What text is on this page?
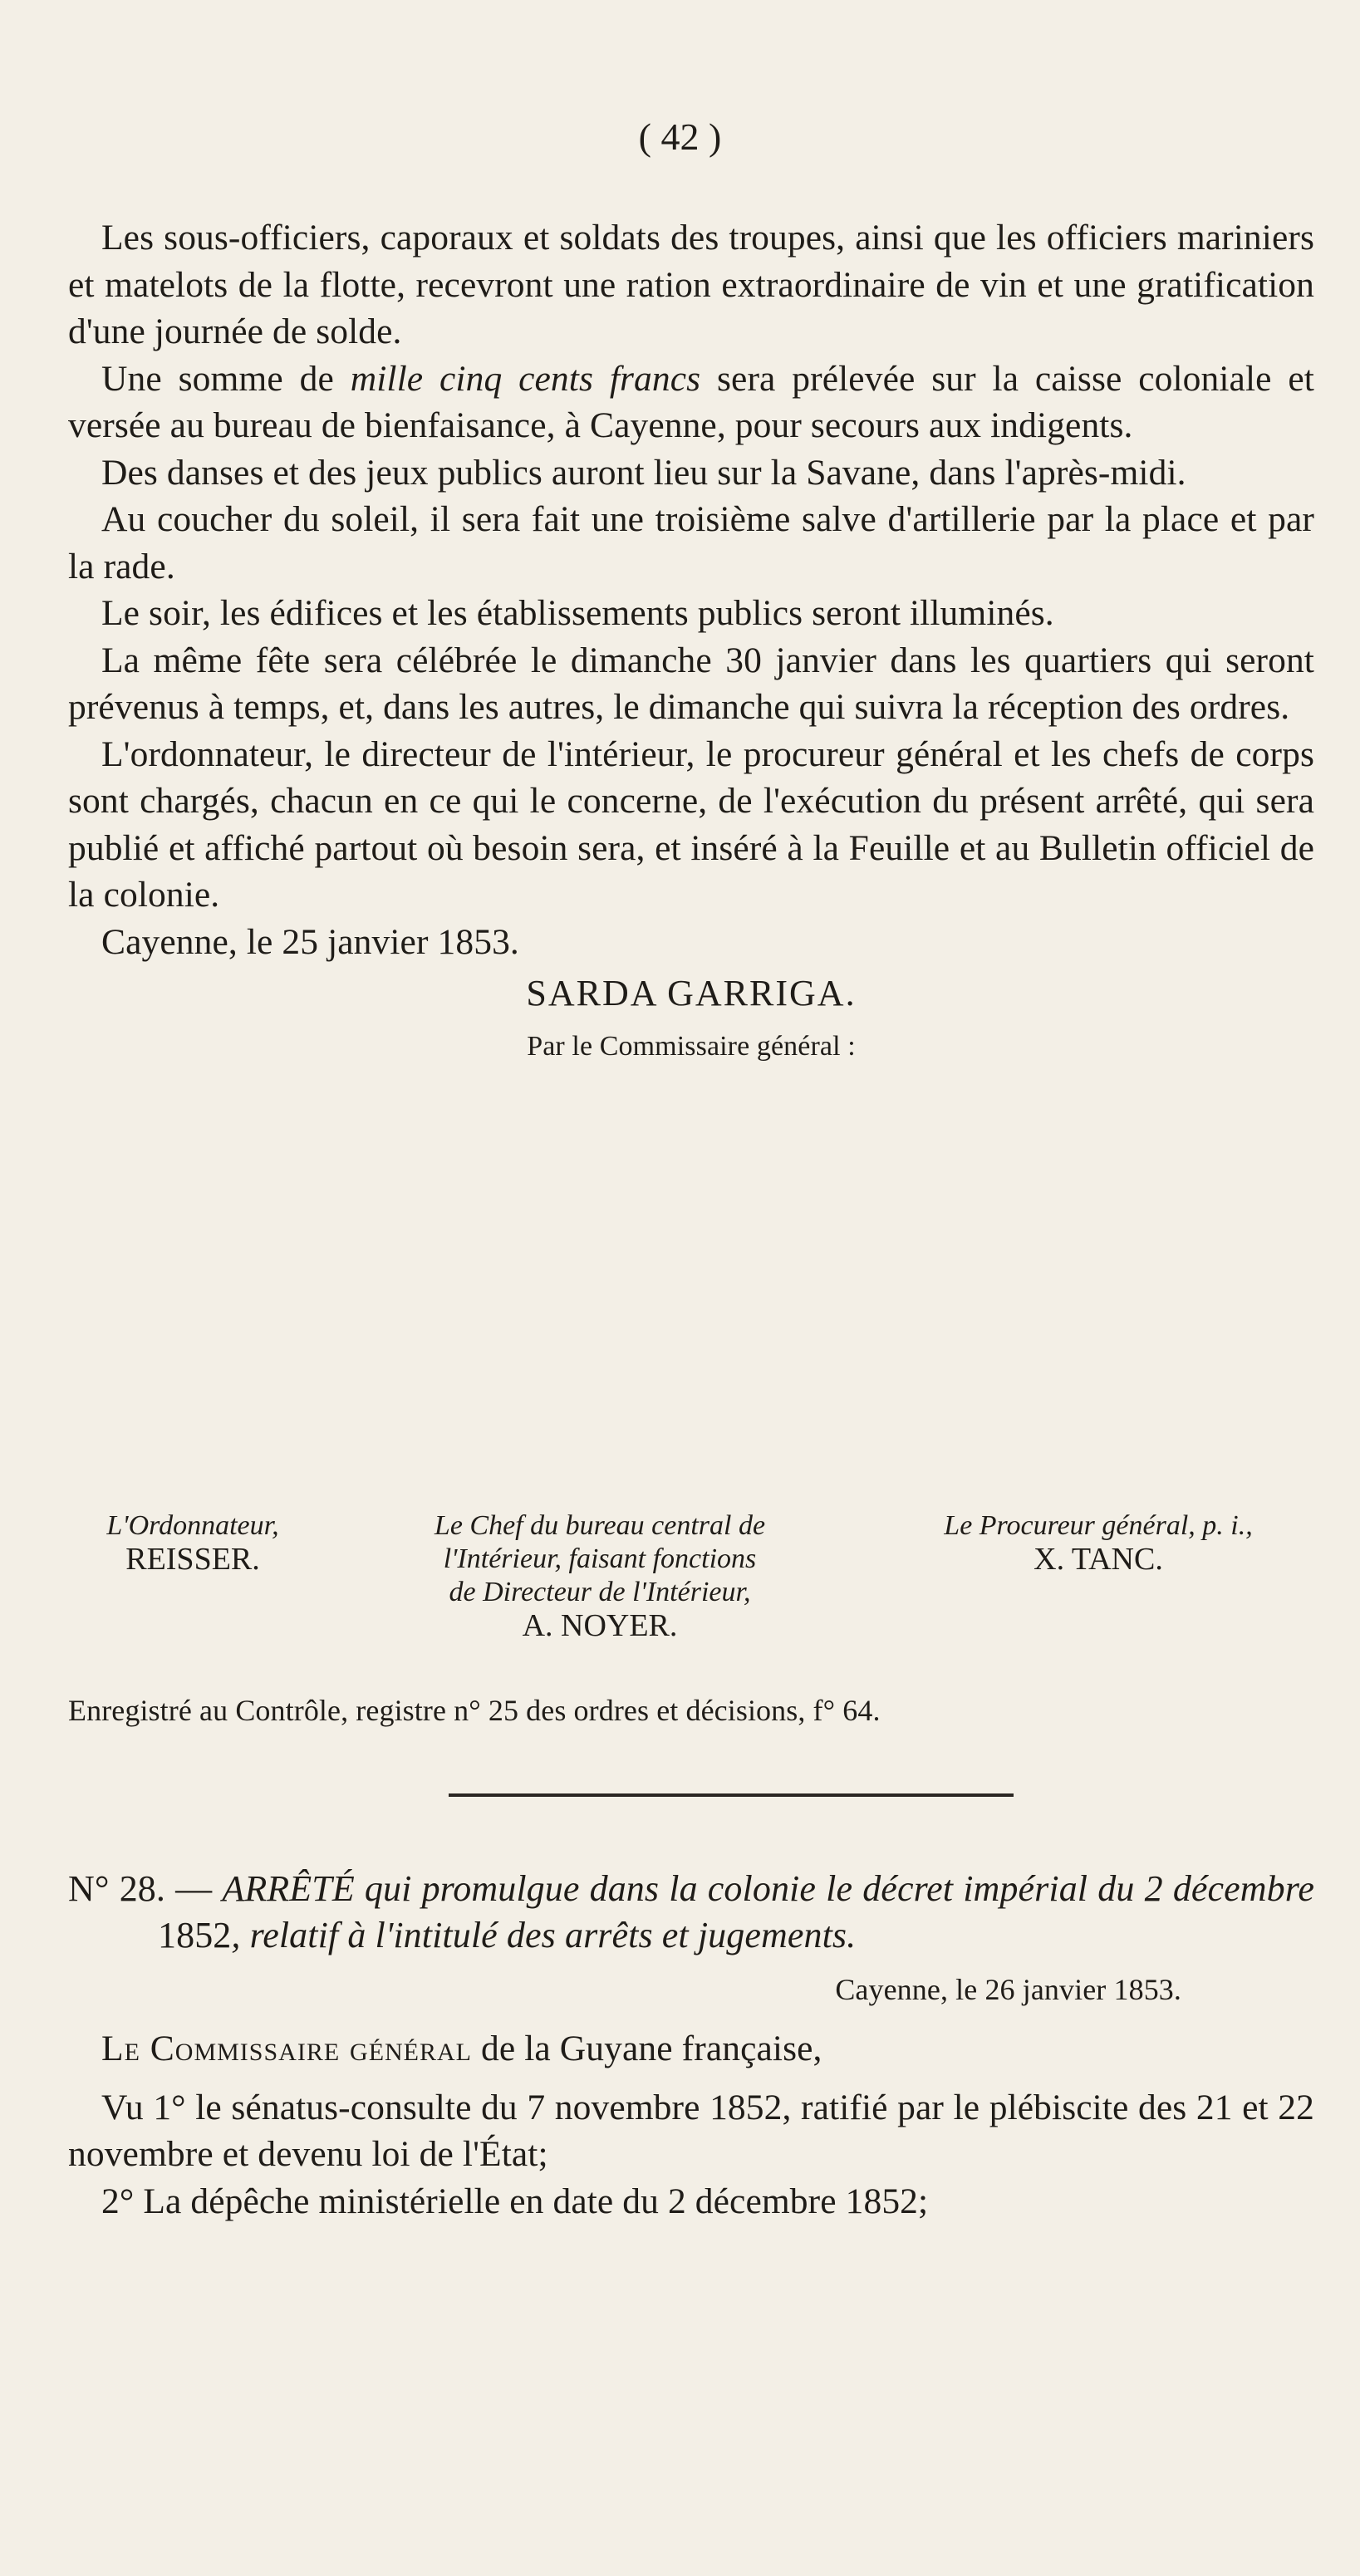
( 42 )

Les sous-officiers, caporaux et soldats des troupes, ainsi que les officiers mariniers et matelots de la flotte, recevront une ration extraordinaire de vin et une gratification d'une journée de solde.

Une somme de mille cinq cents francs sera prélevée sur la caisse coloniale et versée au bureau de bienfaisance, à Cayenne, pour secours aux indigents.

Des danses et des jeux publics auront lieu sur la Savane, dans l'après-midi.

Au coucher du soleil, il sera fait une troisième salve d'artillerie par la place et par la rade.

Le soir, les édifices et les établissements publics seront illuminés.

La même fête sera célébrée le dimanche 30 janvier dans les quartiers qui seront prévenus à temps, et, dans les autres, le dimanche qui suivra la réception des ordres.

L'ordonnateur, le directeur de l'intérieur, le procureur général et les chefs de corps sont chargés, chacun en ce qui le concerne, de l'exécution du présent arrêté, qui sera publié et affiché partout où besoin sera, et inséré à la Feuille et au Bulletin officiel de la colonie.

Cayenne, le 25 janvier 1853.

SARDA GARRIGA.

Par le Commissaire général :

L'Ordonnateur,
REISSER.
Le Chef du bureau central de
l'Intérieur, faisant fonctions
de Directeur de l'Intérieur,
A. NOYER.
Le Procureur général, p. i.,
X. TANC.

Enregistré au Contrôle, registre n° 25 des ordres et décisions, f° 64.

N° 28. — ARRÊTÉ qui promulgue dans la colonie le décret impérial du 2 décembre 1852, relatif à l'intitulé des arrêts et jugements.

Cayenne, le 26 janvier 1853.

Le Commissaire général de la Guyane française,

Vu 1° le sénatus-consulte du 7 novembre 1852, ratifié par le plébiscite des 21 et 22 novembre et devenu loi de l'État;

2° La dépêche ministérielle en date du 2 décembre 1852;
